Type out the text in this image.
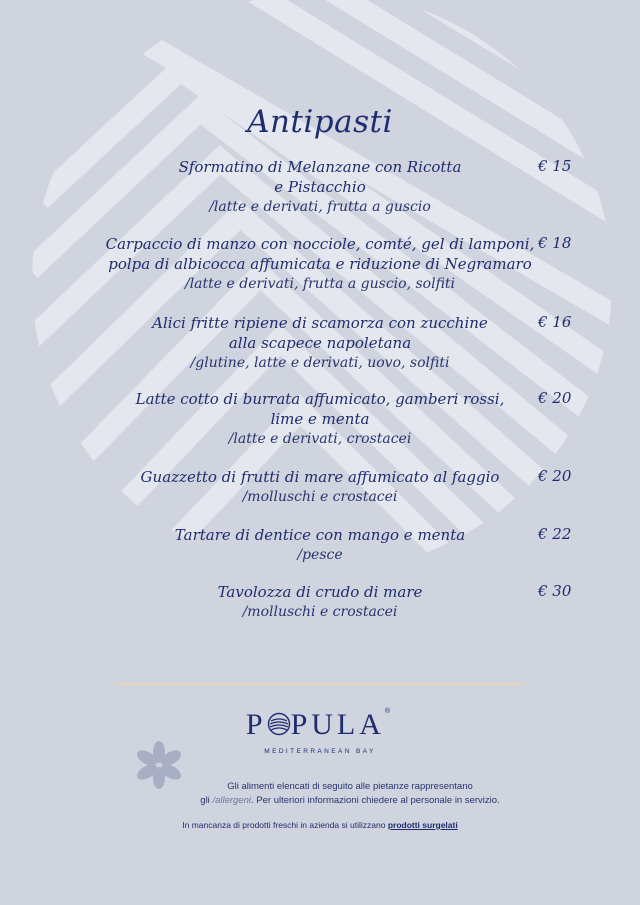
Antipasti
Sformatino di Melanzane con Ricotta
e Pistacchio
/latte e derivati, frutta a guscio
€ 15
Carpaccio di manzo con nocciole, comté, gel di lamponi,
polpa di albicocca affumicata e riduzione di Negramaro
/latte e derivati, frutta a guscio, solfiti
€ 18
Alici fritte ripiene di scamorza con zucchine
alla scapece napoletana
/glutine, latte e derivati, uovo, solfiti
€ 16
Latte cotto di burrata affumicato, gamberi rossi,
lime e menta
/latte e derivati, crostacei
€ 20
Guazzetto di frutti di mare affumicato al faggio
/molluschi e crostacei
€ 20
Tartare di dentice con mango e menta
/pesce
€ 22
Tavolozza di crudo di mare
/molluschi e crostacei
€ 30
P PULA®
MEDITERRANEAN BAY
Gli alimenti elencati di seguito alle pietanze rappresentano
gli /allergeni. Per ulteriori informazioni chiedere al personale in servizio.
In mancanza di prodotti freschi in azienda si utilizzano prodotti surgelati
